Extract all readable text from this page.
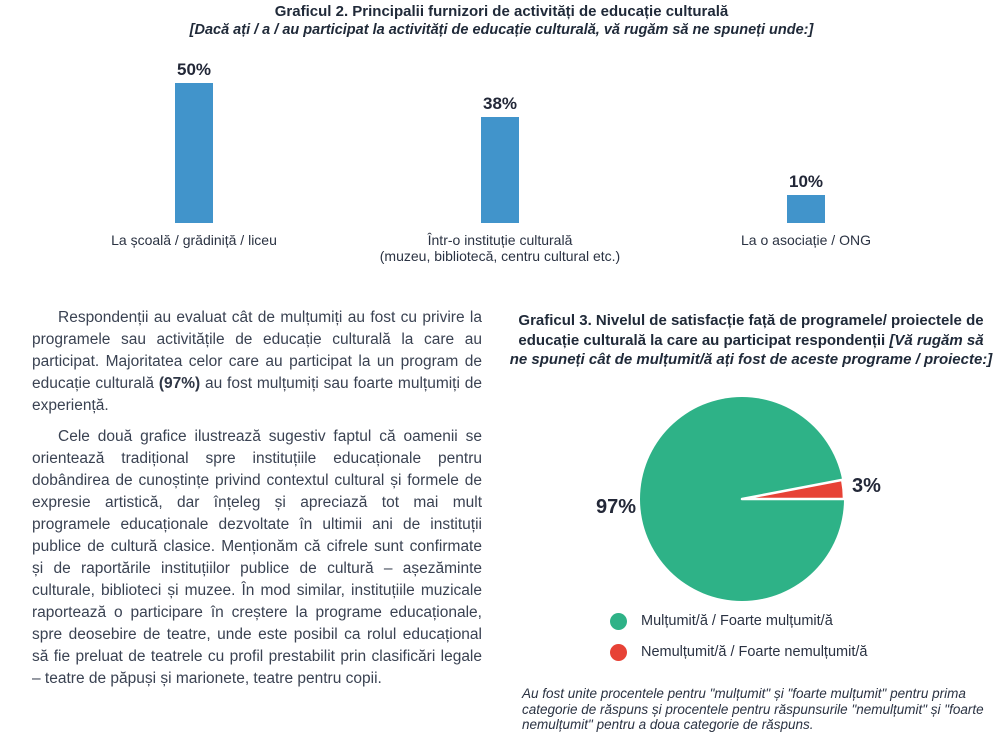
Graficul 2. Principalii furnizori de activități de educație culturală
[Dacă ați / a / au participat la activități de educație culturală, vă rugăm să ne spuneți unde:]
50%
La școală / grădiniță / liceu
38%
Într-o instituție culturală
(muzeu, bibliotecă, centru cultural etc.)
10%
La o asociație / ONG

Respondenții au evaluat cât de mulțumiți au fost cu privire la programele sau activitățile de educație culturală la care au participat. Majoritatea celor care au participat la un program de educație culturală (97%) au fost mulțumiți sau foarte mulțumiți de experiență.

Cele două grafice ilustrează sugestiv faptul că oamenii se orientează tradițional spre instituțiile educaționale pentru dobândirea de cunoștințe privind contextul cultural și formele de expresie artistică, dar înțeleg și apreciază tot mai mult programele educaționale dezvoltate în ultimii ani de instituții publice de cultură clasice. Menționăm că cifrele sunt confirmate și de raportările instituțiilor publice de cultură – așezăminte culturale, biblioteci și muzee. În mod similar, instituțiile muzicale raportează o participare în creștere la programe educaționale, spre deosebire de teatre, unde este posibil ca rolul educațional să fie preluat de teatrele cu profil prestabilit prin clasificări legale – teatre de păpuși și marionete, teatre pentru copii.

Graficul 3. Nivelul de satisfacție față de programele/ proiectele de educație culturală la care au participat respondenții [Vă rugăm să ne spuneți cât de mulțumit/ă ați fost de aceste programe / proiecte:]
97%
3%
Mulțumit/ă / Foarte mulțumit/ă
Nemulțumit/ă / Foarte nemulțumit/ă
Au fost unite procentele pentru "mulțumit" și "foarte mulțumit" pentru prima categorie de răspuns și procentele pentru răspunsurile "nemulțumit" și "foarte nemulțumit" pentru a doua categorie de răspuns.
